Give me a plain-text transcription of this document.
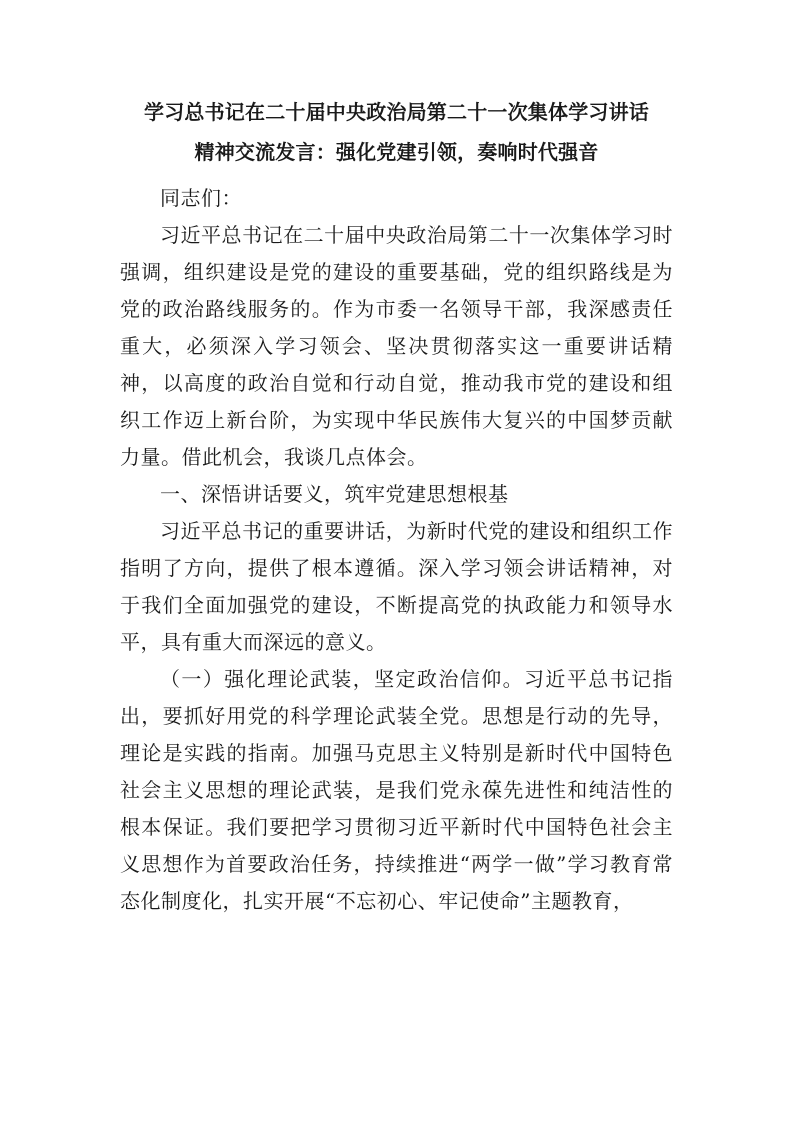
学习总书记在二十届中央政治局第二十一次集体学习讲话
精神交流发言：强化党建引领，奏响时代强音

同志们：

习近平总书记在二十届中央政治局第二十一次集体学习时强调，组织建设是党的建设的重要基础，党的组织路线是为党的政治路线服务的。作为市委一名领导干部，我深感责任重大，必须深入学习领会、坚决贯彻落实这一重要讲话精神，以高度的政治自觉和行动自觉，推动我市党的建设和组织工作迈上新台阶，为实现中华民族伟大复兴的中国梦贡献力量。借此机会，我谈几点体会。

一、深悟讲话要义，筑牢党建思想根基

习近平总书记的重要讲话，为新时代党的建设和组织工作指明了方向，提供了根本遵循。深入学习领会讲话精神，对于我们全面加强党的建设，不断提高党的执政能力和领导水平，具有重大而深远的意义。

（一）强化理论武装，坚定政治信仰。习近平总书记指出，要抓好用党的科学理论武装全党。思想是行动的先导，理论是实践的指南。加强马克思主义特别是新时代中国特色社会主义思想的理论武装，是我们党永葆先进性和纯洁性的根本保证。我们要把学习贯彻习近平新时代中国特色社会主义思想作为首要政治任务，持续推进“两学一做”学习教育常态化制度化，扎实开展“不忘初心、牢记使命”主题教育，
